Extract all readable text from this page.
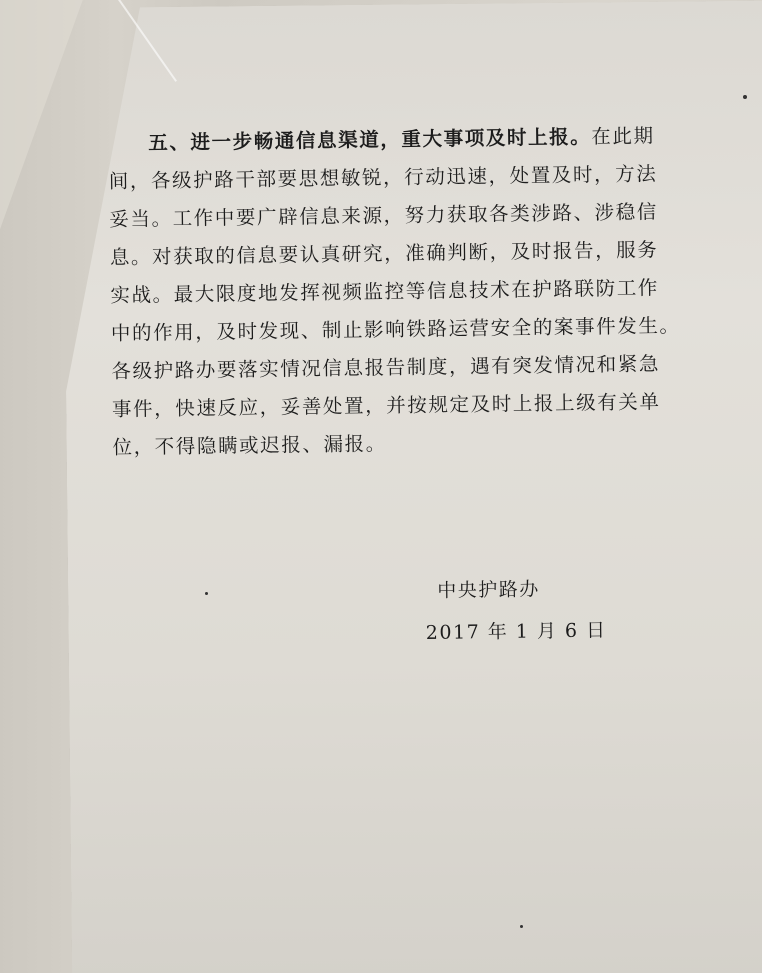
五、进一步畅通信息渠道，重大事项及时上报。在此期
间，各级护路干部要思想敏锐，行动迅速，处置及时，方法
妥当。工作中要广辟信息来源，努力获取各类涉路、涉稳信
息。对获取的信息要认真研究，准确判断，及时报告，服务
实战。最大限度地发挥视频监控等信息技术在护路联防工作
中的作用，及时发现、制止影响铁路运营安全的案事件发生。
各级护路办要落实情况信息报告制度，遇有突发情况和紧急
事件，快速反应，妥善处置，并按规定及时上报上级有关单
位，不得隐瞒或迟报、漏报。
中央护路办
2017 年 1 月 6 日
